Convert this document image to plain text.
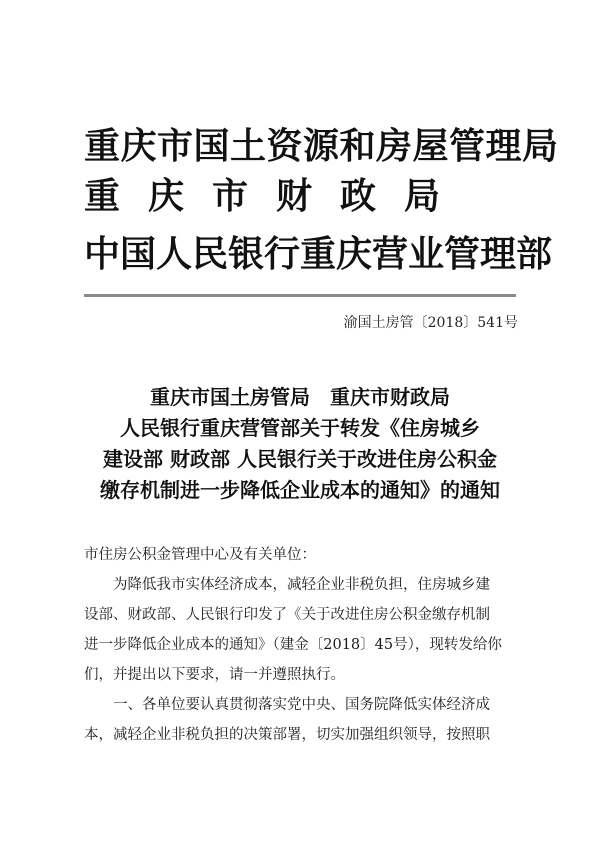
重庆市国土资源和房屋管理局
重庆市财政局
中国人民银行重庆营业管理部
渝国土房管〔2018〕541号
重庆市国土房管局　重庆市财政局
人民银行重庆营管部关于转发《住房城乡
建设部 财政部 人民银行关于改进住房公积金
缴存机制进一步降低企业成本的通知》的通知
市住房公积金管理中心及有关单位：
为降低我市实体经济成本，减轻企业非税负担，住房城乡建
设部、财政部、人民银行印发了《关于改进住房公积金缴存机制
进一步降低企业成本的通知》（建金〔2018〕45号），现转发给你
们，并提出以下要求，请一并遵照执行。
一、各单位要认真贯彻落实党中央、国务院降低实体经济成
本，减轻企业非税负担的决策部署，切实加强组织领导，按照职
